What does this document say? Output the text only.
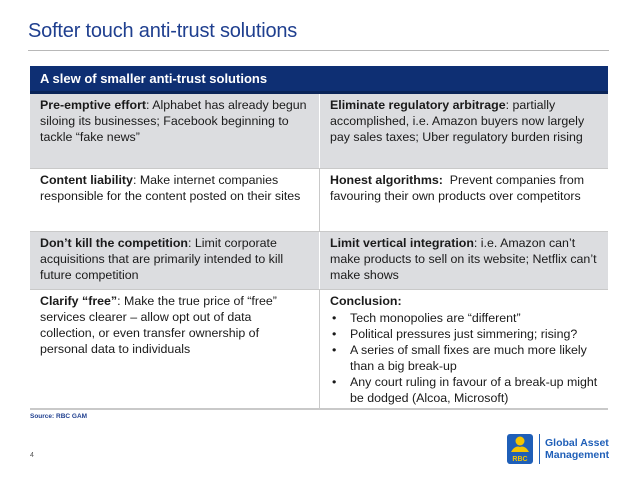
Softer touch anti-trust solutions
A slew of smaller anti-trust solutions
Pre-emptive effort: Alphabet has already begun siloing its businesses; Facebook beginning to tackle “fake news”
Eliminate regulatory arbitrage: partially accomplished, i.e. Amazon buyers now largely pay sales taxes; Uber regulatory burden rising
Content liability: Make internet companies responsible for the content posted on their sites
Honest algorithms:  Prevent companies from favouring their own products over competitors
Don’t kill the competition: Limit corporate acquisitions that are primarily intended to kill future competition
Limit vertical integration: i.e. Amazon can’t make products to sell on its website; Netflix can’t make shows
Clarify “free”: Make the true price of “free” services clearer – allow opt out of data collection, or even transfer ownership of personal data to individuals
Conclusion:
• Tech monopolies are “different”
• Political pressures just simmering; rising?
• A series of small fixes are much more likely than a big break-up
• Any court ruling in favour of a break-up might be dodged (Alcoa, Microsoft)
Source: RBC GAM
4
RBC
Global Asset
Management
